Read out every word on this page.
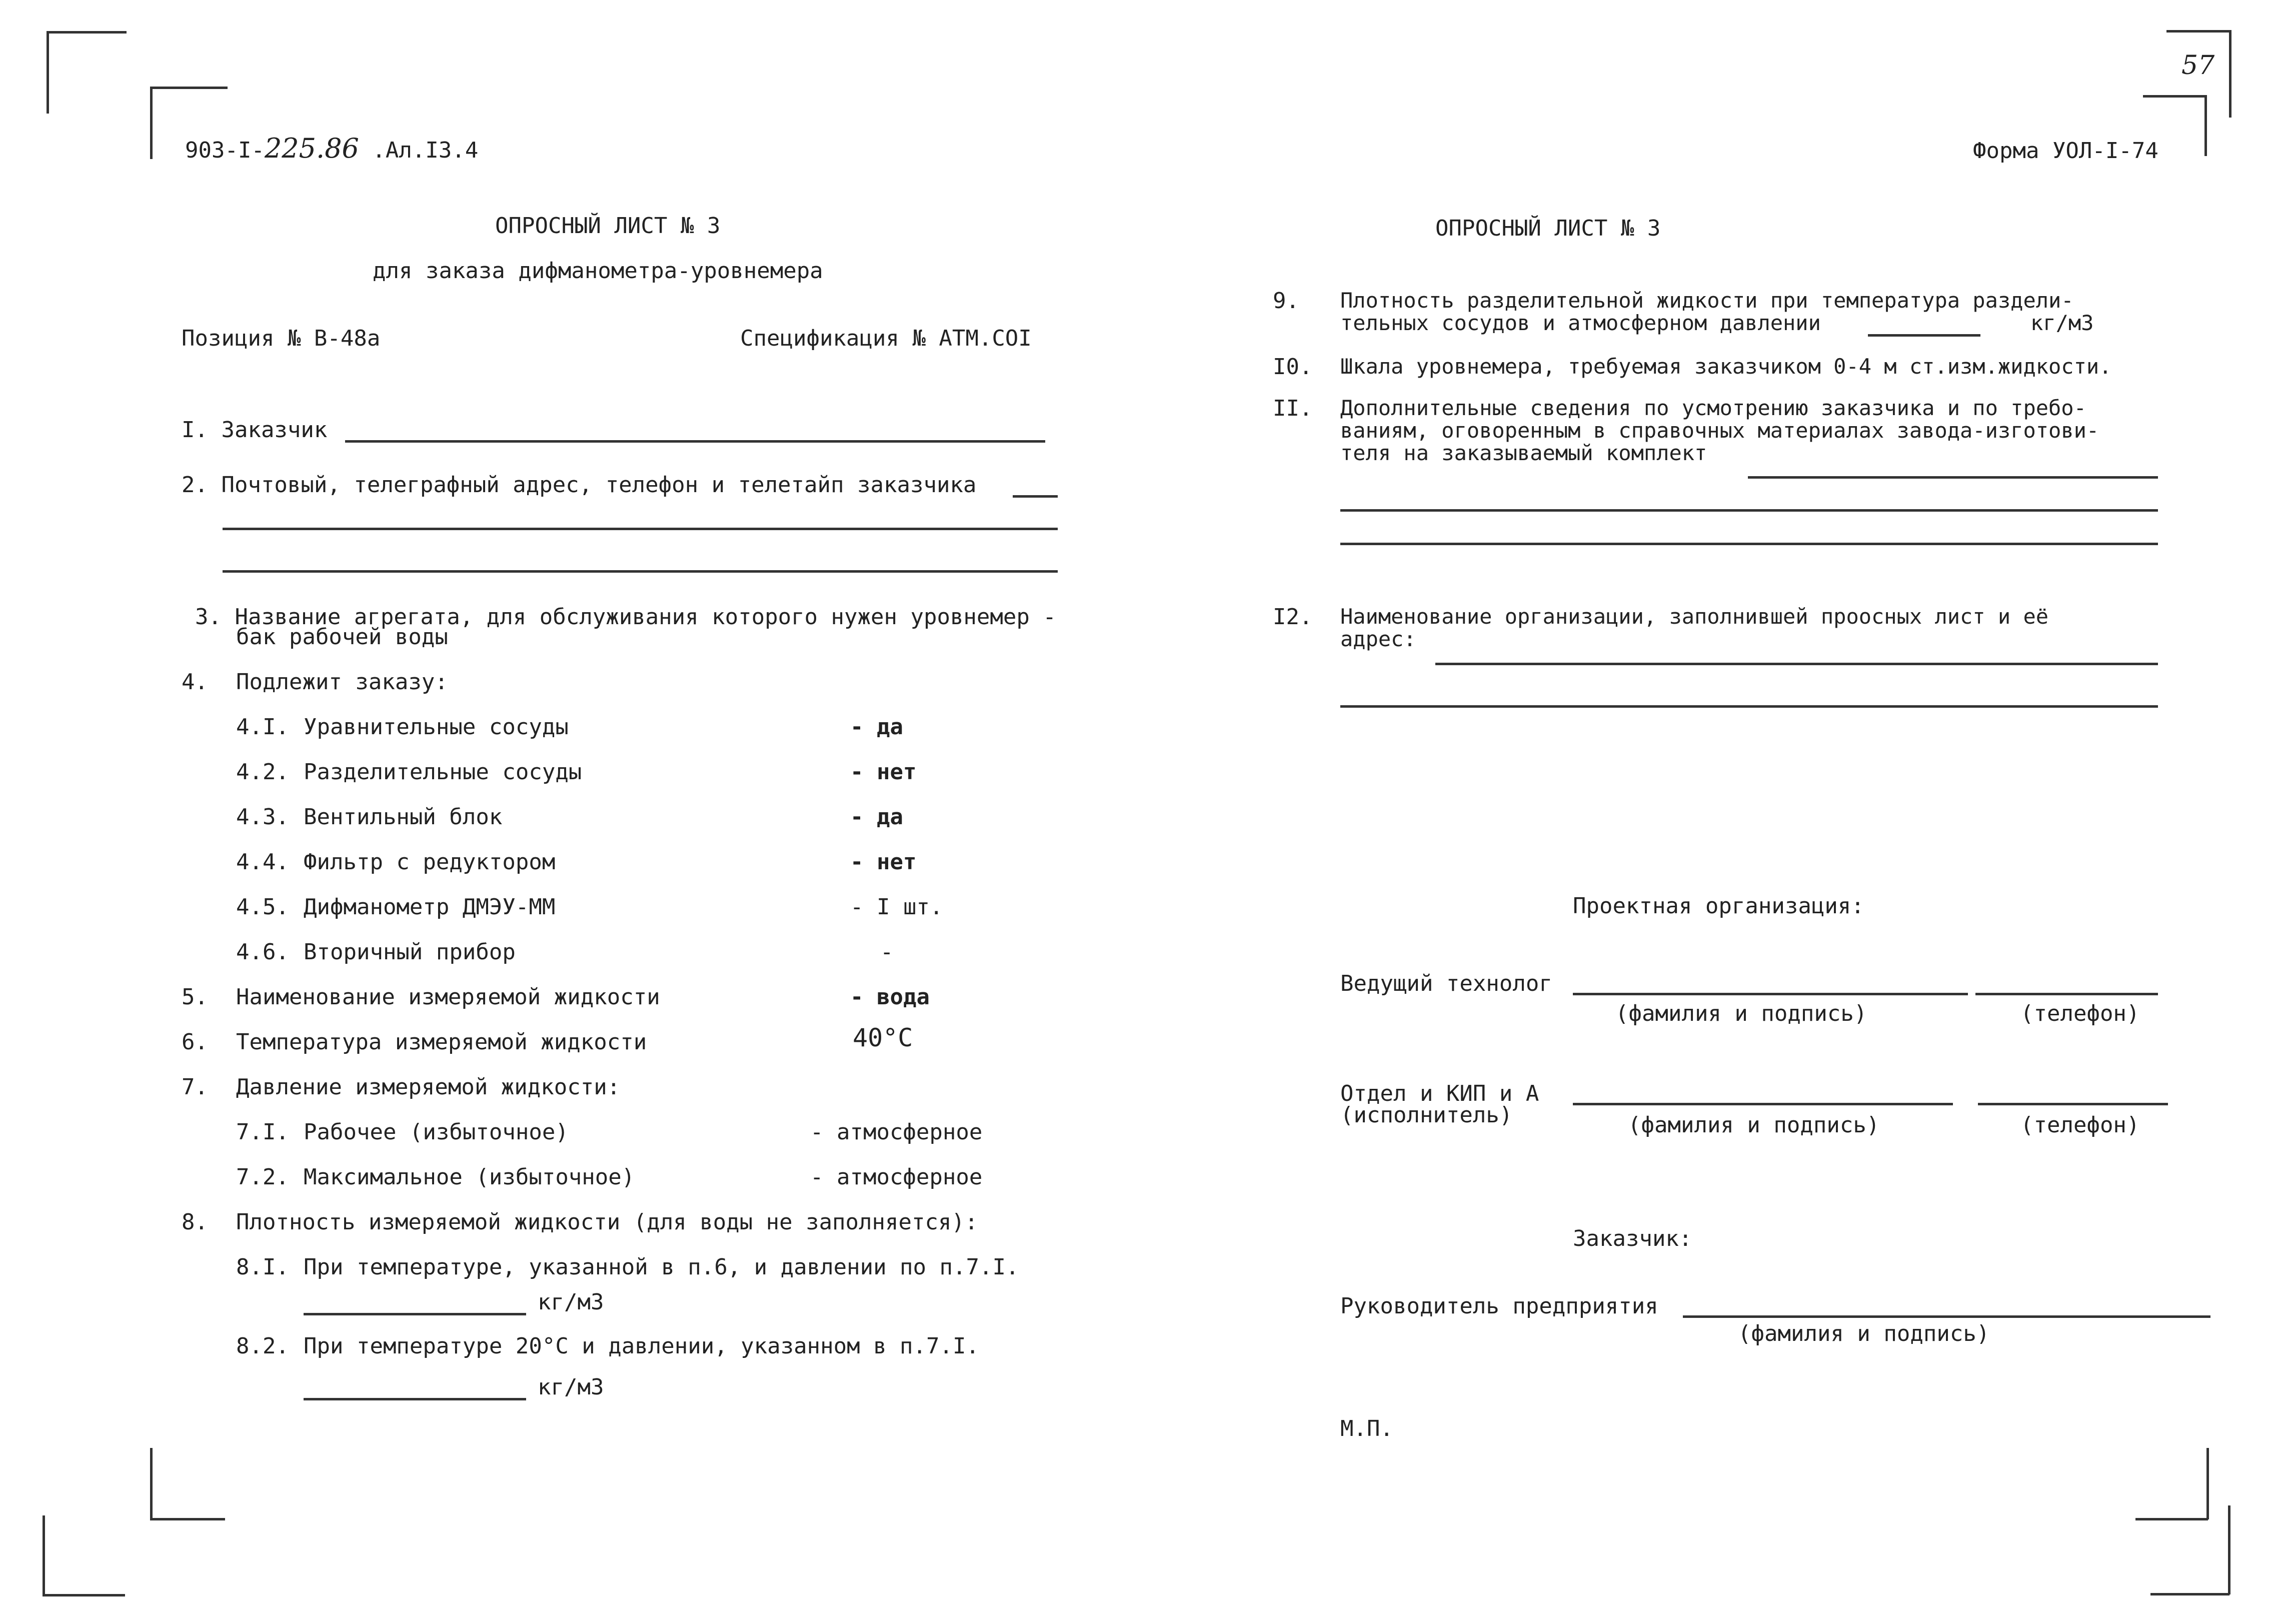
903-I-225.86 .Ал.I3.4
57
Форма УОЛ-I-74
ОПРОСНЫЙ ЛИСТ № 3
для заказа дифманометра-уровнемера
Позиция № В-48а	Спецификация № АТМ.СОI
I. Заказчик
2. Почтовый, телеграфный адрес, телефон и телетайп заказчика
3. Название агрегата, для обслуживания которого нужен уровнемер -
бак рабочей воды
4. Подлежит заказу:
4.I. Уравнительные сосуды	- да
4.2. Разделительные сосуды	- нет
4.3. Вентильный блок	- да
4.4. Фильтр с редуктором	- нет
4.5. Дифманометр ДМЭУ-ММ	- I шт.
4.6. Вторичный прибор	-
5. Наименование измеряемой жидкости	- вода
6. Температура измеряемой жидкости	40°C
7. Давление измеряемой жидкости:
7.I. Рабочее (избыточное)	- атмосферное
7.2. Максимальное (избыточное)	- атмосферное
8. Плотность измеряемой жидкости (для воды не заполняется):
8.I. При температуре, указанной в п.6, и давлении по п.7.I.
кг/м3
8.2. При температуре 20°C и давлении, указанном в п.7.I.
кг/м3
ОПРОСНЫЙ ЛИСТ № 3
9. Плотность разделительной жидкости при температура раздели-
тельных сосудов и атмосферном давлении	кг/м3
I0. Шкала уровнемера, требуемая заказчиком 0-4 м ст.изм.жидкости.
II. Дополнительные сведения по усмотрению заказчика и по требо-
ваниям, оговоренным в справочных материалах завода-изготови-
теля на заказываемый комплект
I2. Наименование организации, заполнившей проосных лист и её
адрес:
Проектная организация:
Ведущий технолог
(фамилия и подпись)	(телефон)
Отдел и КИП и А
(исполнитель)	(фамилия и подпись)	(телефон)
Заказчик:
Руководитель предприятия
(фамилия и подпись)
М.П.
